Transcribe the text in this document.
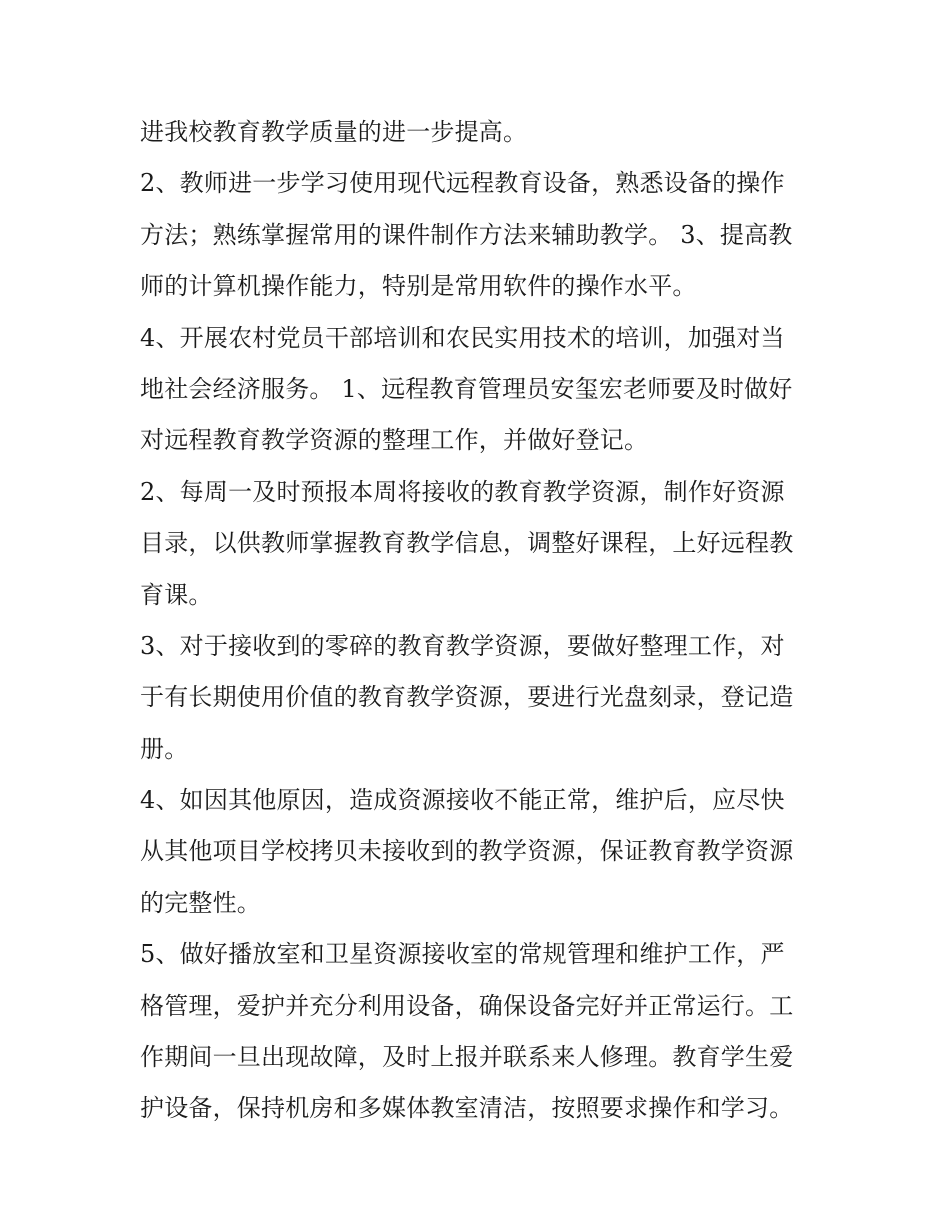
进我校教育教学质量的进一步提高。
2、教师进一步学习使用现代远程教育设备，熟悉设备的操作
方法；熟练掌握常用的课件制作方法来辅助教学。 3、提高教
师的计算机操作能力，特别是常用软件的操作水平。
4、开展农村党员干部培训和农民实用技术的培训，加强对当
地社会经济服务。 1、远程教育管理员安玺宏老师要及时做好
对远程教育教学资源的整理工作，并做好登记。
2、每周一及时预报本周将接收的教育教学资源，制作好资源
目录，以供教师掌握教育教学信息，调整好课程，上好远程教
育课。
3、对于接收到的零碎的教育教学资源，要做好整理工作，对
于有长期使用价值的教育教学资源，要进行光盘刻录，登记造
册。
4、如因其他原因，造成资源接收不能正常，维护后，应尽快
从其他项目学校拷贝未接收到的教学资源，保证教育教学资源
的完整性。
5、做好播放室和卫星资源接收室的常规管理和维护工作，严
格管理，爱护并充分利用设备，确保设备完好并正常运行。工
作期间一旦出现故障，及时上报并联系来人修理。教育学生爱
护设备，保持机房和多媒体教室清洁，按照要求操作和学习。
